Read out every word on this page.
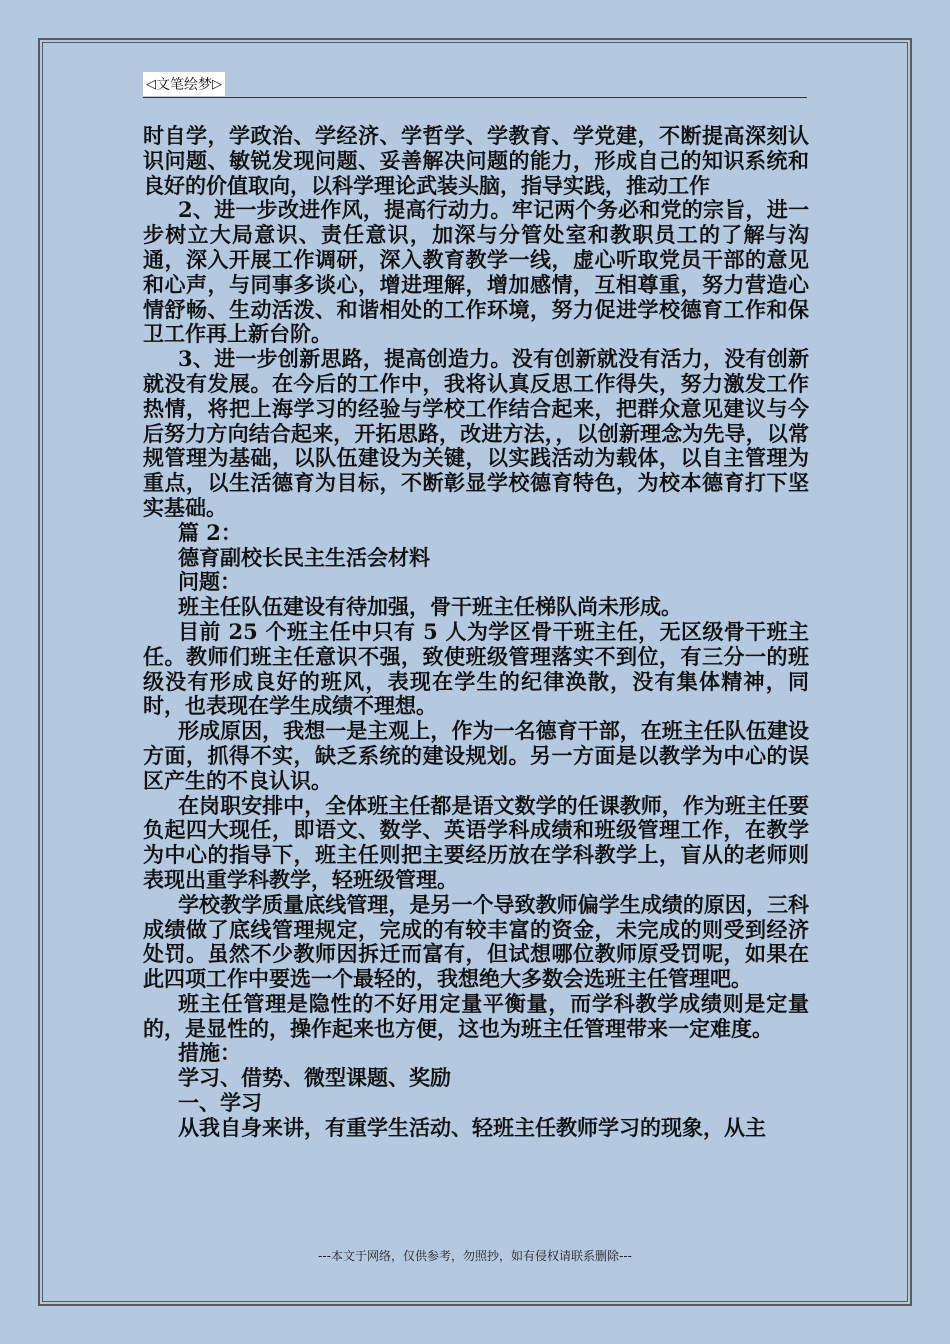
◁ 文笔绘梦 ▷

时自学，学政治、学经济、学哲学、学教育、学党建，不断提高深刻认识问题、敏锐发现问题、妥善解决问题的能力，形成自己的知识系统和良好的价值取向，以科学理论武装头脑，指导实践，推动工作

2、进一步改进作风，提高行动力。牢记两个务必和党的宗旨，进一步树立大局意识、责任意识，加深与分管处室和教职员工的了解与沟通，深入开展工作调研，深入教育教学一线，虚心听取党员干部的意见和心声，与同事多谈心，增进理解，增加感情，互相尊重，努力营造心情舒畅、生动活泼、和谐相处的工作环境，努力促进学校德育工作和保卫工作再上新台阶。

3、进一步创新思路，提高创造力。没有创新就没有活力，没有创新就没有发展。在今后的工作中，我将认真反思工作得失，努力激发工作热情，将把上海学习的经验与学校工作结合起来，把群众意见建议与今后努力方向结合起来，开拓思路，改进方法，，以创新理念为先导，以常规管理为基础，以队伍建设为关键，以实践活动为载体，以自主管理为重点，以生活德育为目标，不断彰显学校德育特色，为校本德育打下坚实基础。

篇 2：

德育副校长民主生活会材料

问题：

班主任队伍建设有待加强，骨干班主任梯队尚未形成。

目前 25 个班主任中只有 5 人为学区骨干班主任，无区级骨干班主任。教师们班主任意识不强，致使班级管理落实不到位，有三分一的班级没有形成良好的班风，表现在学生的纪律涣散，没有集体精神，同时，也表现在学生成绩不理想。

形成原因，我想一是主观上，作为一名德育干部，在班主任队伍建设方面，抓得不实，缺乏系统的建设规划。另一方面是以教学为中心的误区产生的不良认识。

在岗职安排中，全体班主任都是语文数学的任课教师，作为班主任要负起四大现任，即语文、数学、英语学科成绩和班级管理工作，在教学为中心的指导下，班主任则把主要经历放在学科教学上，盲从的老师则表现出重学科教学，轻班级管理。

学校教学质量底线管理，是另一个导致教师偏学生成绩的原因，三科成绩做了底线管理规定，完成的有较丰富的资金，未完成的则受到经济处罚。虽然不少教师因拆迁而富有，但试想哪位教师原受罚呢，如果在此四项工作中要选一个最轻的，我想绝大多数会选班主任管理吧。

班主任管理是隐性的不好用定量平衡量，而学科教学成绩则是定量的，是显性的，操作起来也方便，这也为班主任管理带来一定难度。

措施：

学习、借势、微型课题、奖励

一、学习

从我自身来讲，有重学生活动、轻班主任教师学习的现象，从主

---本文于网络，仅供参考，勿照抄，如有侵权请联系删除---
